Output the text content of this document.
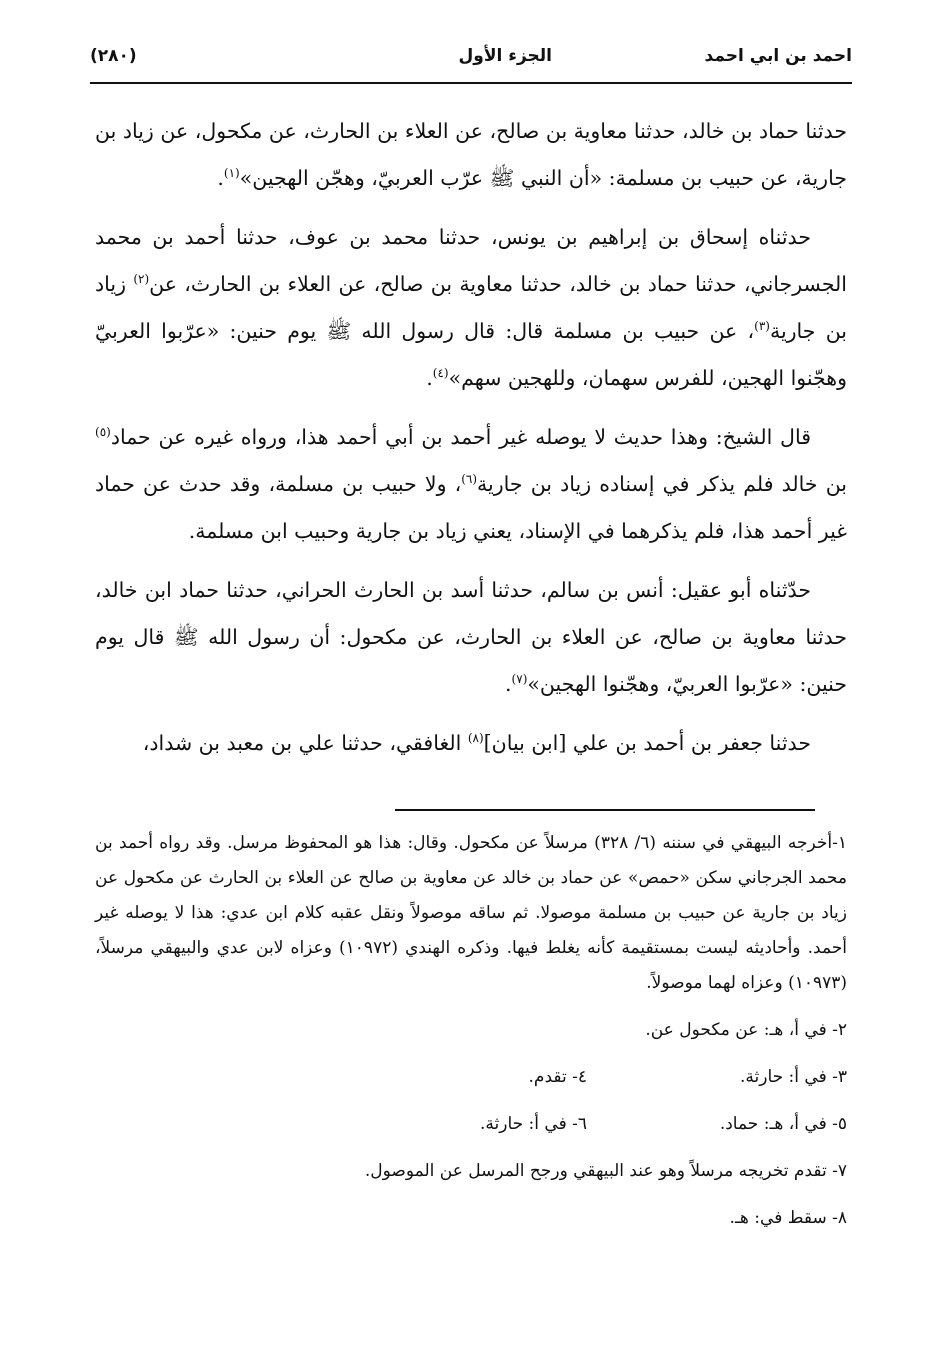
احمد بن ابي احمد
الجزء الأول
(٢٨٠)

حدثنا حماد بن خالد، حدثنا معاوية بن صالح، عن العلاء بن الحارث، عن مكحول، عن زياد بن جارية، عن حبيب بن مسلمة: «أن النبي ﷺ عرّب العربيّ، وهجّن الهجين»$^{(١)}$.

حدثناه إسحاق بن إبراهيم بن يونس، حدثنا محمد بن عوف، حدثنا أحمد بن محمد الجسرجاني، حدثنا حماد بن خالد، حدثنا معاوية بن صالح، عن العلاء بن الحارث، عن$^{(٢)}$ زياد بن جارية$^{(٣)}$، عن حبيب بن مسلمة قال: قال رسول الله ﷺ يوم حنين: «عرّبوا العربيّ وهجّنوا الهجين، للفرس سهمان، وللهجين سهم»$^{(٤)}$.

قال الشيخ: وهذا حديث لا يوصله غير أحمد بن أبي أحمد هذا، ورواه غيره عن حماد$^{(٥)}$ بن خالد فلم يذكر في إسناده زياد بن جارية$^{(٦)}$، ولا حبيب بن مسلمة، وقد حدث عن حماد غير أحمد هذا، فلم يذكرهما في الإسناد، يعني زياد بن جارية وحبيب ابن مسلمة.

حدّثناه أبو عقيل: أنس بن سالم، حدثنا أسد بن الحارث الحراني، حدثنا حماد ابن خالد، حدثنا معاوية بن صالح، عن العلاء بن الحارث، عن مكحول: أن رسول الله ﷺ قال يوم حنين: «عرّبوا العربيّ، وهجّنوا الهجين»$^{(٧)}$.

حدثنا جعفر بن أحمد بن علي [ابن بيان]$^{(٨)}$ الغافقي، حدثنا علي بن معبد بن شداد،

١-أخرجه البيهقي في سننه (٦/ ٣٢٨) مرسلاً عن مكحول. وقال: هذا هو المحفوظ مرسل. وقد رواه أحمد بن محمد الجرجاني سكن «حمص» عن حماد بن خالد عن معاوية بن صالح عن العلاء بن الحارث عن مكحول عن زياد بن جارية عن حبيب بن مسلمة موصولا. ثم ساقه موصولاً ونقل عقبه كلام ابن عدي: هذا لا يوصله غير أحمد. وأحاديثه ليست بمستقيمة كأنه يغلط فيها. وذكره الهندي (١٠٩٧٢) وعزاه لابن عدي والبيهقي مرسلاً، (١٠٩٧٣) وعزاه لهما موصولاً.
٢- في أ، هـ: عن مكحول عن.
٣- في أ: حارثة.
٤- تقدم.
٥- في أ، هـ: حماد.
٦- في أ: حارثة.
٧- تقدم تخريجه مرسلاً وهو عند البيهقي ورجح المرسل عن الموصول.
٨- سقط في: هـ.
